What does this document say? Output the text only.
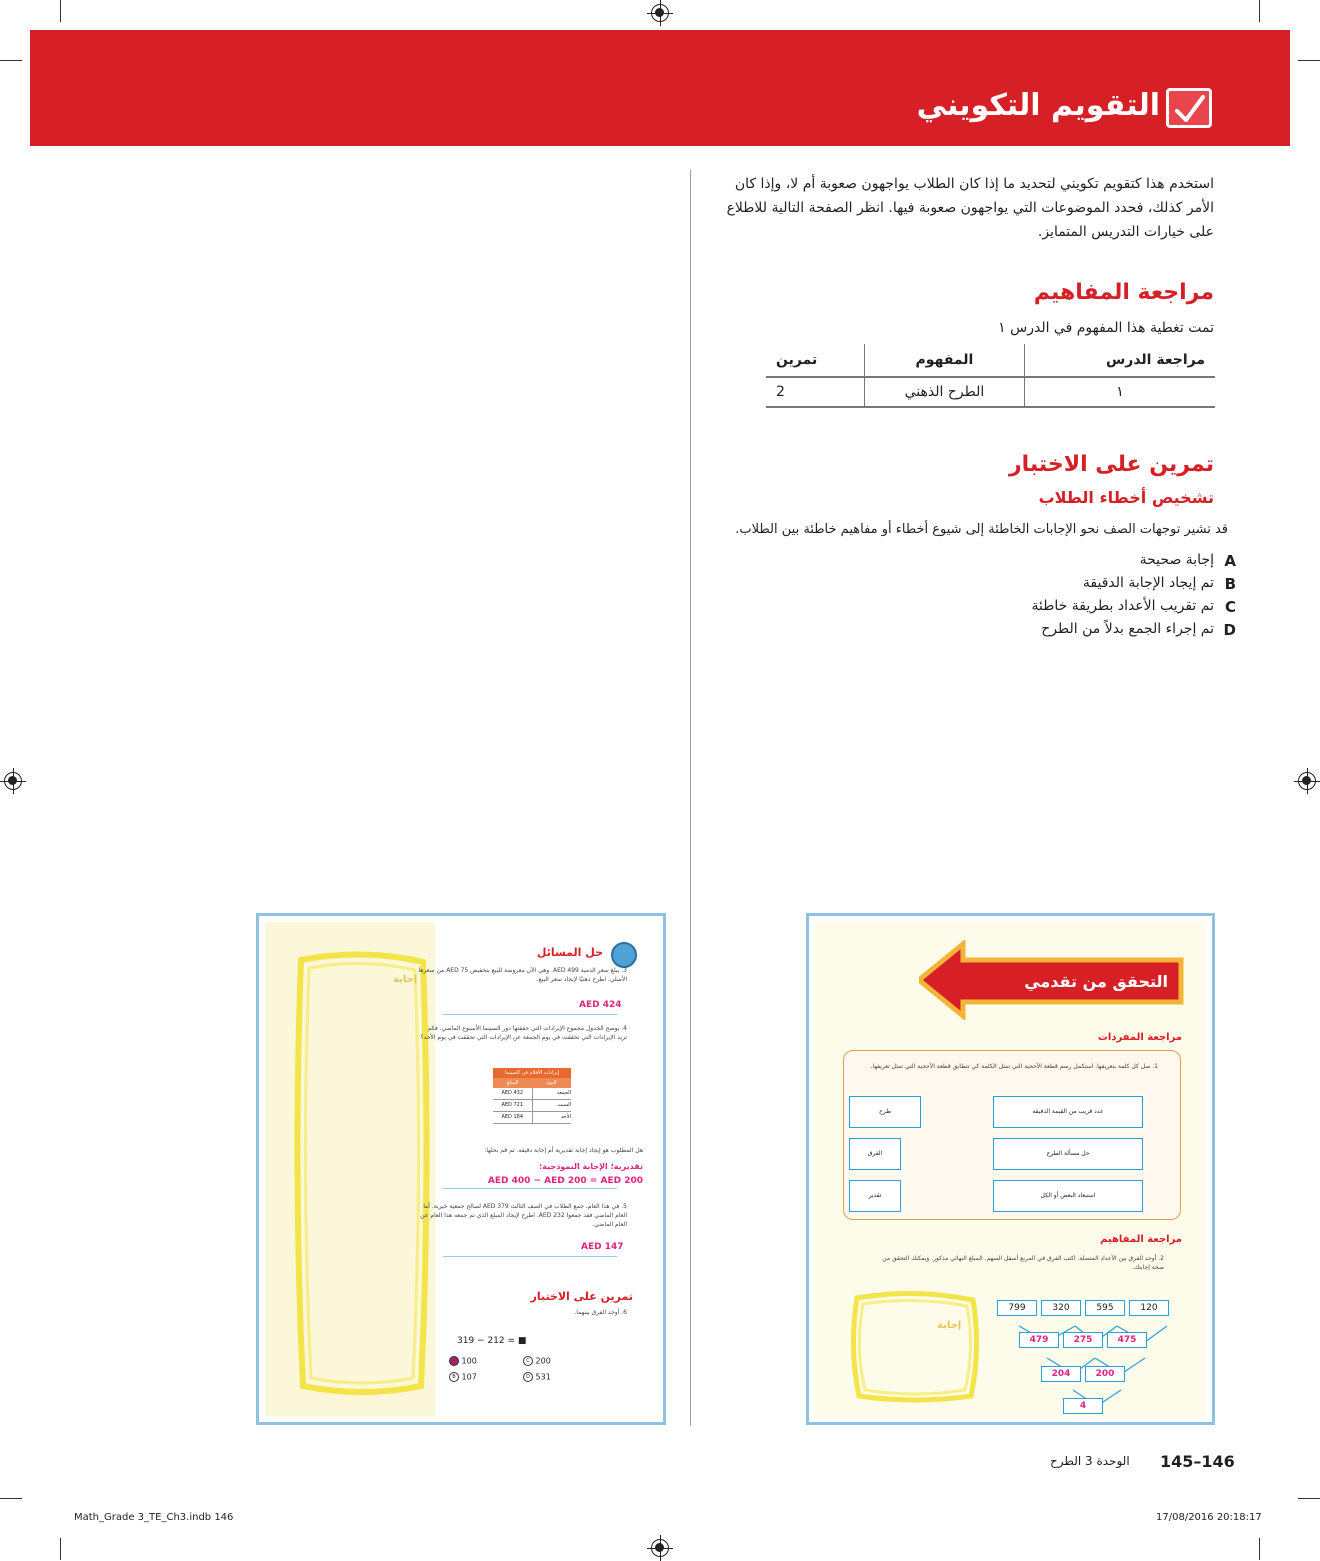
التقويم التكويني
استخدم هذا كتقويم تكويني لتحديد ما إذا كان الطلاب يواجهون صعوبة أم لا، وإذا كان
الأمر كذلك، فحدد الموضوعات التي يواجهون صعوبة فيها. انظر الصفحة التالية للاطلاع
على خيارات التدريس المتمايز.
مراجعة المفاهيم
تمت تغطية هذا المفهوم في الدرس ١
مراجعة الدرس	المفهوم	تمرين
١	الطرح الذهني	2
تمرين على الاختبار
تشخيص أخطاء الطلاب
قد تشير توجهات الصف نحو الإجابات الخاطئة إلى شيوع أخطاء أو مفاهيم خاطئة بين الطلاب.
A
إجابة صحيحة
B
تم إيجاد الإجابة الدقيقة
C
تم تقريب الأعداد بطريقة خاطئة
D
تم إجراء الجمع بدلاً من الطرح
التحقق من تقدمي
مراجعة المفردات
1. صل كل كلمة بتعريفها. استكمل رسم قطعة الأحجية التي تمثل الكلمة كي تتطابق قطعة الأحجية التي تمثل تعريفها.
طرح
الفرق
تقدير
عدد قريب من القيمة الدقيقة
حل مسألة الطرح
استبعاد البعض أو الكل
مراجعة المفاهيم
2. أوجد الفرق بين الأعداد المتصلة. اكتب الفرق في المربع أسفل السهم. المبلغ النهائي مذكور. ويمكنك التحقق من صحة إجابتك.
إجابة
799	320	595	120
479	275	475
204	200
4
إجابة
حل المسائل
3. يبلغ سعر الدمية AED 499. وهي الآن معروضة للبيع بتخفيض AED 75 من سعرها الأصلي. اطرح ذهنيًا لإيجاد سعر البيع.
AED 424
4. يوضح الجدول مجموع الإيرادات التي حققتها دور السينما الأسبوع الماضي. فكم تزيد الإيرادات التي تحققت في يوم الجمعة عن الإيرادات التي تحققت في يوم الأحد؟
إيرادات الأفلام في السينما
المبلغ	اليوم
AED 432	الجمعة
AED 721	السبت
AED 184	الأحد
هل المطلوب هو إيجاد إجابة تقديرية أم إجابة دقيقة. ثم قم بحلها.
تقديرية؛ الإجابة النموذجية:
AED 400 − AED 200 = AED 200
5. في هذا العام، جمع الطلاب في الصف الثالث AED 379 لصالح جمعية خيرية. أما العام الماضي فقد جمعوا AED 232. اطرح لإيجاد المبلغ الذي تم جمعه هذا العام عن العام الماضي.
AED 147
تمرين على الاختبار
6. أوجد الفرق بينهما.
319 − 212 = ■
100
B 107
C 200
D 531
145–146
الوحدة 3 الطرح
Math_Grade 3_TE_Ch3.indb 146	17/08/2016 20:18:17
